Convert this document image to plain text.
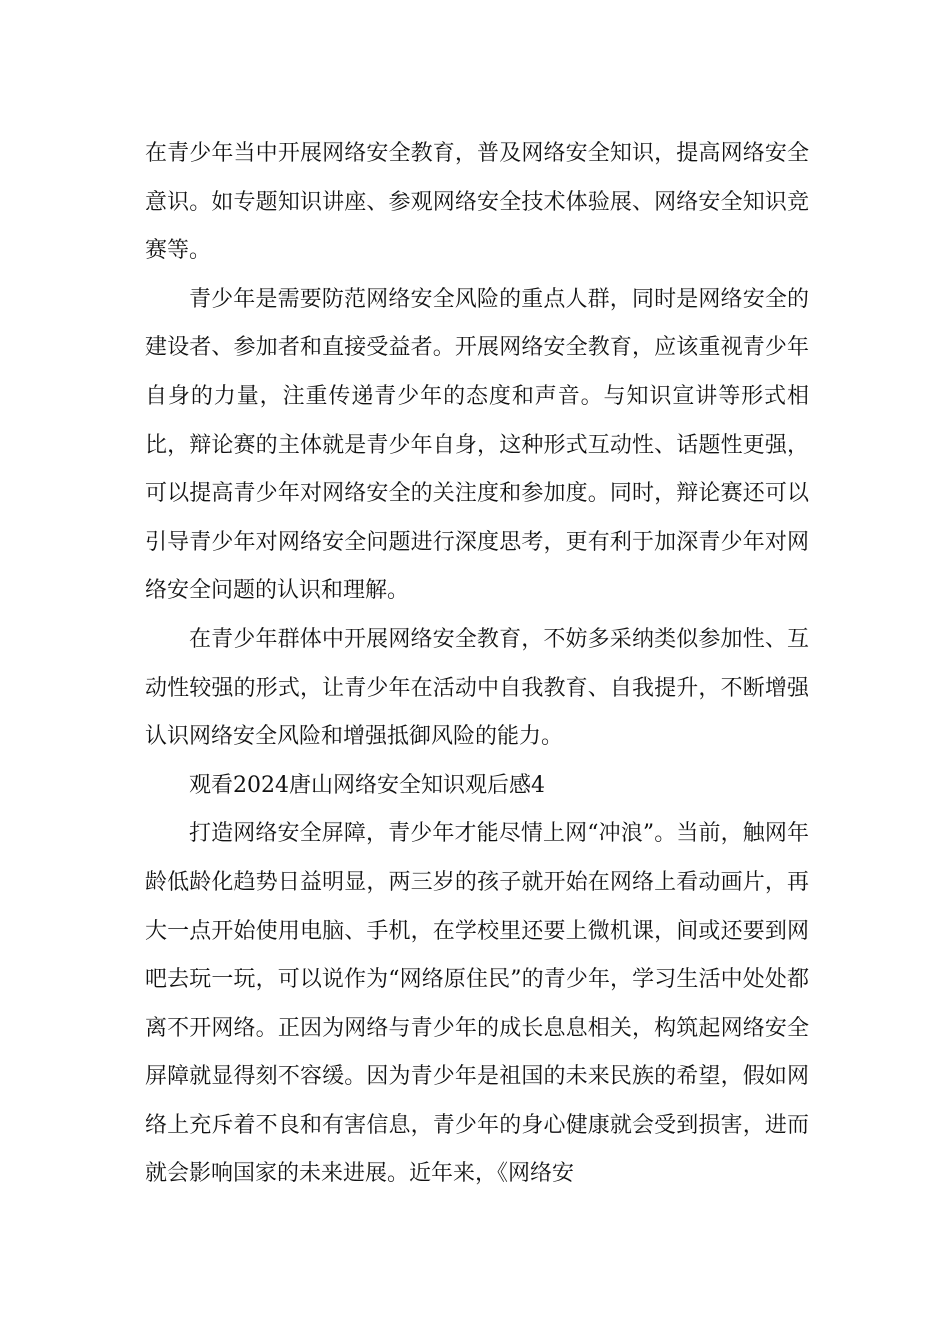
在青少年当中开展网络安全教育，普及网络安全知识，提高网络安全意识。如专题知识讲座、参观网络安全技术体验展、网络安全知识竞赛等。

青少年是需要防范网络安全风险的重点人群，同时是网络安全的建设者、参加者和直接受益者。开展网络安全教育，应该重视青少年自身的力量，注重传递青少年的态度和声音。与知识宣讲等形式相比，辩论赛的主体就是青少年自身，这种形式互动性、话题性更强，可以提高青少年对网络安全的关注度和参加度。同时，辩论赛还可以引导青少年对网络安全问题进行深度思考，更有利于加深青少年对网络安全问题的认识和理解。

在青少年群体中开展网络安全教育，不妨多采纳类似参加性、互动性较强的形式，让青少年在活动中自我教育、自我提升，不断增强认识网络安全风险和增强抵御风险的能力。

观看2024唐山网络安全知识观后感4

打造网络安全屏障，青少年才能尽情上网“冲浪”。当前，触网年龄低龄化趋势日益明显，两三岁的孩子就开始在网络上看动画片，再大一点开始使用电脑、手机，在学校里还要上微机课，间或还要到网吧去玩一玩，可以说作为“网络原住民”的青少年，学习生活中处处都离不开网络。正因为网络与青少年的成长息息相关，构筑起网络安全屏障就显得刻不容缓。因为青少年是祖国的未来民族的希望，假如网络上充斥着不良和有害信息，青少年的身心健康就会受到损害，进而就会影响国家的未来进展。近年来，《网络安
